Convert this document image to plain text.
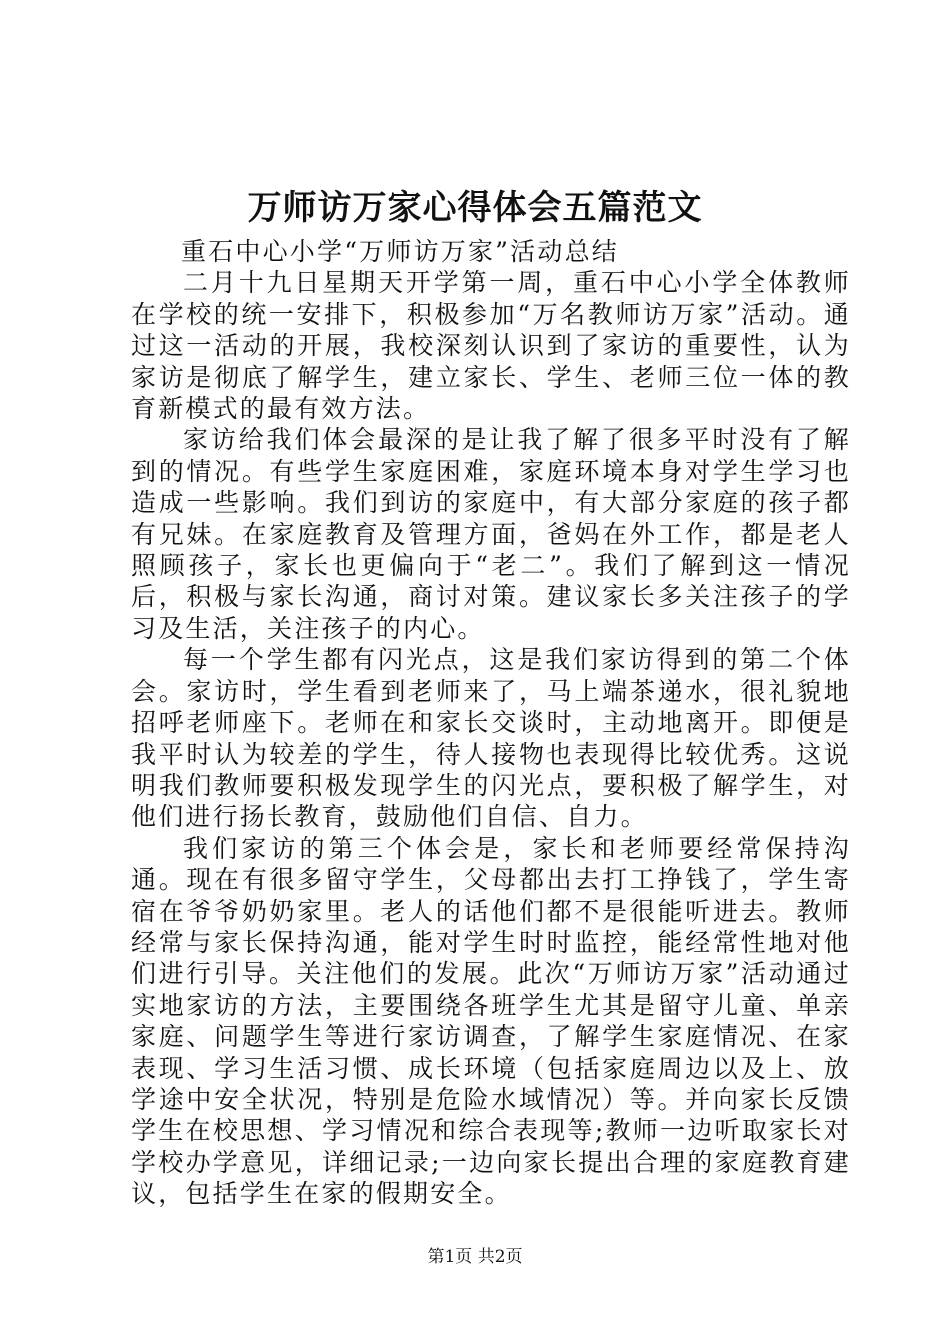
万师访万家心得体会五篇范文

重石中心小学“万师访万家”活动总结

二月十九日星期天开学第一周，重石中心小学全体教师在学校的统一安排下，积极参加“万名教师访万家”活动。通过这一活动的开展，我校深刻认识到了家访的重要性，认为家访是彻底了解学生，建立家长、学生、老师三位一体的教育新模式的最有效方法。

家访给我们体会最深的是让我了解了很多平时没有了解到的情况。有些学生家庭困难，家庭环境本身对学生学习也造成一些影响。我们到访的家庭中，有大部分家庭的孩子都有兄妹。在家庭教育及管理方面，爸妈在外工作，都是老人照顾孩子，家长也更偏向于“老二”。我们了解到这一情况后，积极与家长沟通，商讨对策。建议家长多关注孩子的学习及生活，关注孩子的内心。

每一个学生都有闪光点，这是我们家访得到的第二个体会。家访时，学生看到老师来了，马上端茶递水，很礼貌地招呼老师座下。老师在和家长交谈时，主动地离开。即便是我平时认为较差的学生，待人接物也表现得比较优秀。这说明我们教师要积极发现学生的闪光点，要积极了解学生，对他们进行扬长教育，鼓励他们自信、自力。

我们家访的第三个体会是，家长和老师要经常保持沟通。现在有很多留守学生，父母都出去打工挣钱了，学生寄宿在爷爷奶奶家里。老人的话他们都不是很能听进去。教师经常与家长保持沟通，能对学生时时监控，能经常性地对他们进行引导。关注他们的发展。此次“万师访万家”活动通过实地家访的方法，主要围绕各班学生尤其是留守儿童、单亲家庭、问题学生等进行家访调查，了解学生家庭情况、在家表现、学习生活习惯、成长环境（包括家庭周边以及上、放学途中安全状况，特别是危险水域情况）等。并向家长反馈学生在校思想、学习情况和综合表现等;教师一边听取家长对学校办学意见，详细记录;一边向家长提出合理的家庭教育建议，包括学生在家的假期安全。

第1页 共2页
